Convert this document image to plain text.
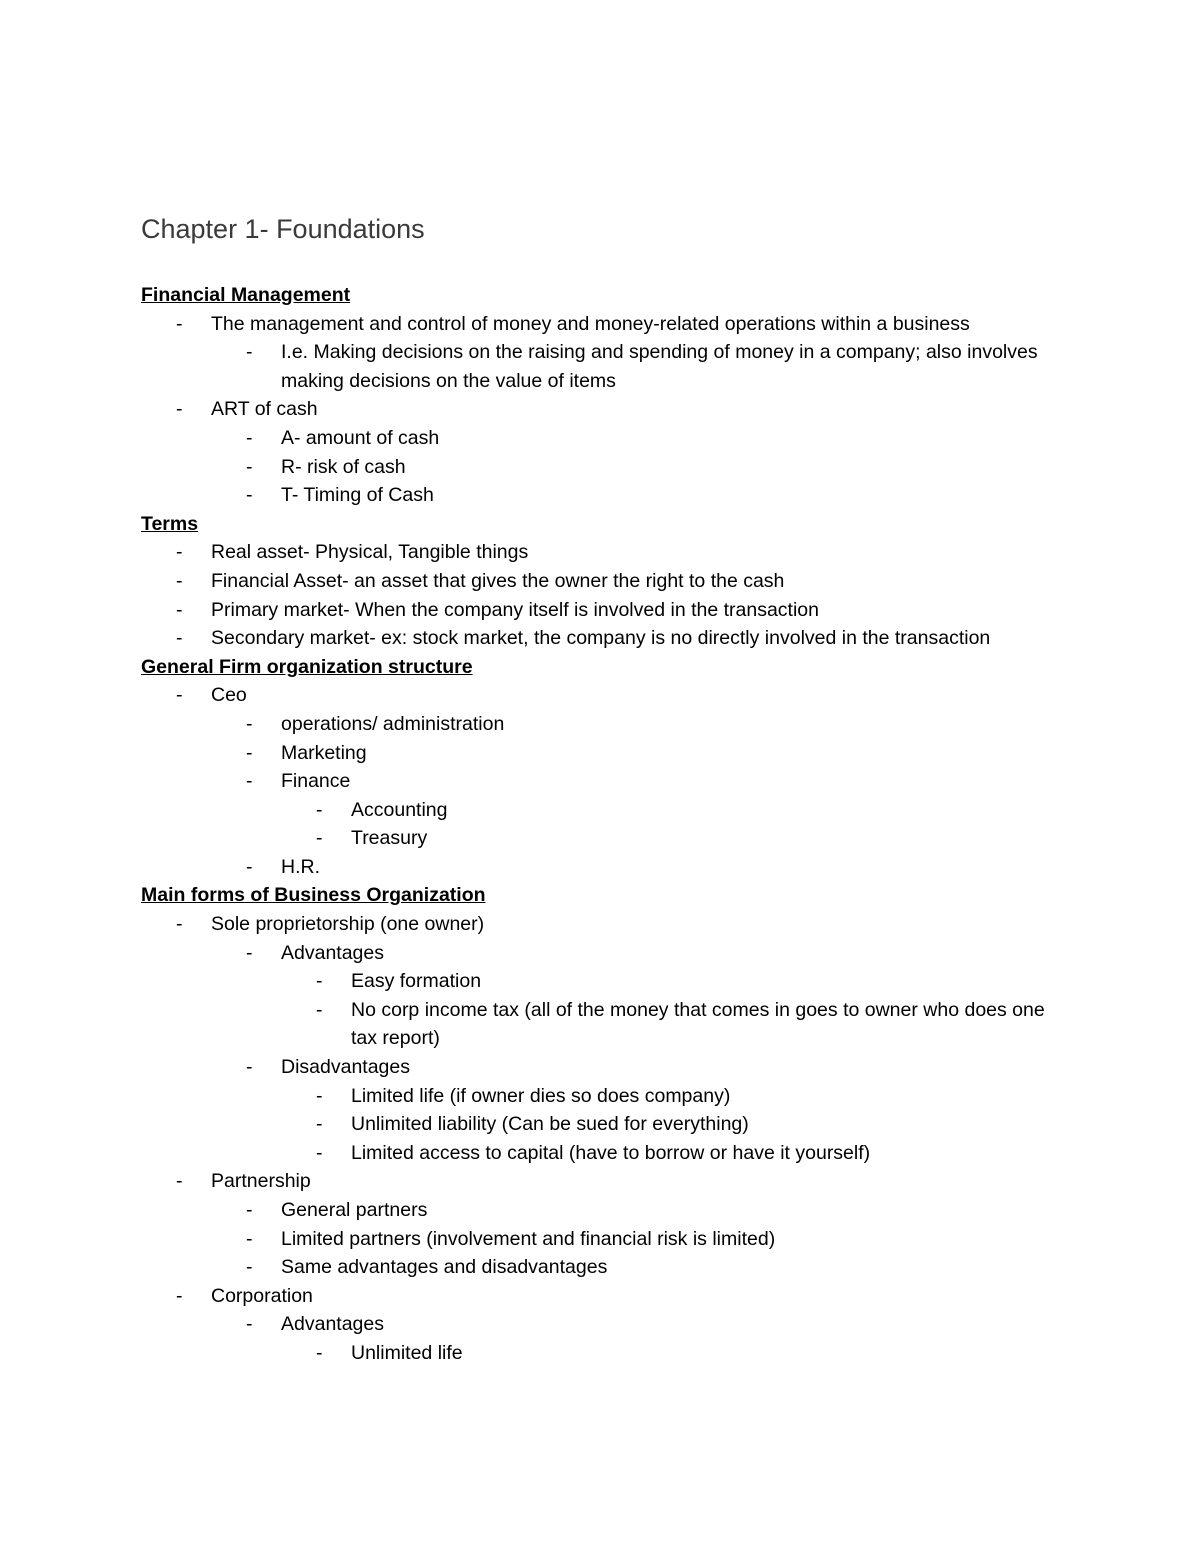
Chapter 1- Foundations
Financial Management
-	The management and control of money and money-related operations within a business
-	I.e. Making decisions on the raising and spending of money in a company; also involves making decisions on the value of items
-	ART of cash
-	A- amount of cash
-	R- risk of cash
-	T- Timing of Cash
Terms
-	Real asset- Physical, Tangible things
-	Financial Asset- an asset that gives the owner the right to the cash
-	Primary market- When the company itself is involved in the transaction
-	Secondary market- ex: stock market, the company is no directly involved in the transaction
General Firm organization structure
-	Ceo
-	operations/ administration
-	Marketing
-	Finance
-	Accounting
-	Treasury
-	H.R.
Main forms of Business Organization
-	Sole proprietorship (one owner)
-	Advantages
-	Easy formation
-	No corp income tax (all of the money that comes in goes to owner who does one tax report)
-	Disadvantages
-	Limited life (if owner dies so does company)
-	Unlimited liability (Can be sued for everything)
-	Limited access to capital (have to borrow or have it yourself)
-	Partnership
-	General partners
-	Limited partners (involvement and financial risk is limited)
-	Same advantages and disadvantages
-	Corporation
-	Advantages
-	Unlimited life
